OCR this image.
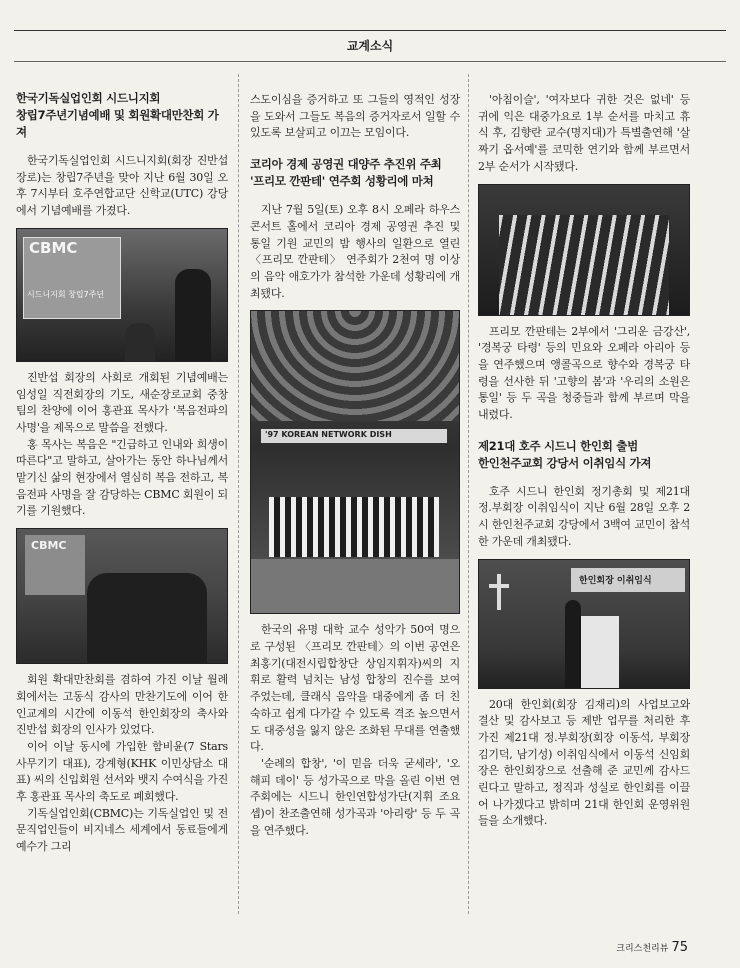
교계소식
한국기독실업인회 시드니지회
창립7주년기념예배 및 회원확대만찬회 가져

한국기독실업인회 시드니지회(회장 진반섭 장로)는 창립7주년을 맞아 지난 6월 30일 오후 7시부터 호주연합교단 신학교(UTC) 강당에서 기념예배를 가졌다.

CBMC
시드니지회 창립7주년

진반섭 회장의 사회로 개회된 기념예배는 임성일 직전회장의 기도, 새순장로교회 중창팀의 찬양에 이어 홍관표 목사가 '복음전파의 사명'을 제목으로 말씀을 전했다.

홍 목사는 복음은 "긴급하고 인내와 희생이 따른다"고 말하고, 살아가는 동안 하나님께서 맡기신 삶의 현장에서 열심히 복음 전하고, 복음전파 사명을 잘 감당하는 CBMC 회원이 되기를 기원했다.

CBMC

회원 확대만찬회를 겸하여 가진 이날 월례회에서는 고동식 감사의 만찬기도에 이어 한인교계의 시간에 이동석 한인회장의 축사와 진반섭 회장의 인사가 있었다.

이어 이날 동시에 가입한 함비윤(7 Stars 사무기기 대표), 강계형(KHK 이민상담소 대표) 씨의 신입회원 선서와 뱃지 수여식을 가진 후 홍관표 목사의 축도로 폐회했다.

기독실업인회(CBMC)는 기독실업인 및 전문직업인들이 비지네스 세계에서 동료들에게 예수가 그리

스도이심을 증거하고 또 그들의 영적인 성장을 도와서 그들도 복음의 증거자로서 일할 수 있도록 보살피고 이끄는 모임이다.

코리아 경제 공영권 대양주 추진위 주최
'프리모 깐판테' 연주회 성황리에 마쳐

지난 7월 5일(토) 오후 8시 오페라 하우스 콘서트 홀에서 코리아 경제 공영권 추진 및 통일 기원 교민의 밤 행사의 일환으로 열린 〈프리모 깐판테〉 연주회가 2천여 명 이상의 음악 애호가가 참석한 가운데 성황리에 개최됐다.

'97 KOREAN NETWORK DISH

한국의 유명 대학 교수 성악가 50여 명으로 구성된 〈프리모 깐판테〉의 이번 공연은 최홍기(대전시립합창단 상임지휘자)씨의 지휘로 활력 넘치는 남성 합창의 진수를 보여 주었는데, 클래식 음악을 대중에게 좀 더 친숙하고 쉽게 다가갈 수 있도록 격조 높으면서도 대중성을 잃지 않은 조화된 무대를 연출했다.

'순례의 합창', '이 믿음 더욱 굳세라', '오 해피 데이' 등 성가곡으로 막을 올린 이번 연주회에는 시드니 한인연합성가단(지휘 조요셉)이 찬조출연해 성가곡과 '아리랑' 등 두 곡을 연주했다.

'아침이슬', '여자보다 귀한 것은 없네' 등 귀에 익은 대중가요로 1부 순서를 마치고 휴식 후, 김향란 교수(명지대)가 특별출연해 '살짜기 옵서예'를 코믹한 연기와 함께 부르면서 2부 순서가 시작됐다.

프리모 깐판테는 2부에서 '그리운 금강산', '경복궁 타령' 등의 민요와 오페라 아리아 등을 연주했으며 앵콜곡으로 향수와 경복궁 타령을 선사한 뒤 '고향의 봄'과 '우리의 소원은 통일' 등 두 곡을 청중들과 함께 부르며 막을 내렸다.

제21대 호주 시드니 한인회 출범
한인천주교회 강당서 이취임식 가져

호주 시드니 한인회 정기총회 및 제21대 정.부회장 이취임식이 지난 6월 28일 오후 2시 한인천주교회 강당에서 3백여 교민이 참석한 가운데 개최됐다.

한인회장 이취임식

20대 한인회(회장 김재리)의 사업보고와 결산 및 감사보고 등 제반 업무를 처리한 후 가진 제21대 정.부회장(회장 이동석, 부회장 김기덕, 남기성) 이취임식에서 이동석 신임회장은 한인회장으로 선출해 준 교민께 감사드린다고 말하고, 정직과 성실로 한인회를 이끌어 나가겠다고 밝히며 21대 한인회 운영위원들을 소개했다.

크리스천리뷰 75
